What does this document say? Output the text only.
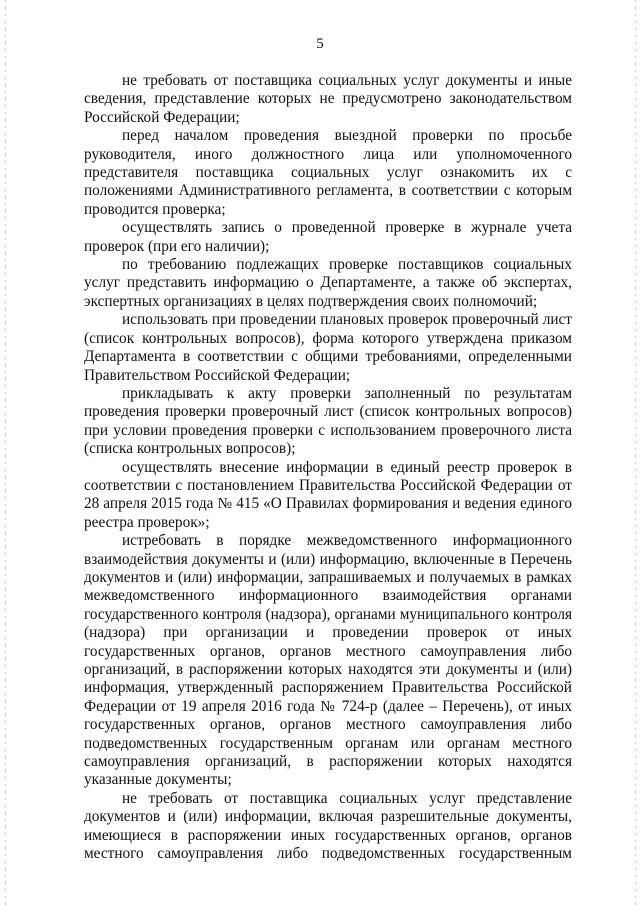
5

не требовать от поставщика социальных услуг документы и иные сведения, представление которых не предусмотрено законодательством Российской Федерации;

перед началом проведения выездной проверки по просьбе руководителя, иного должностного лица или уполномоченного представителя поставщика социальных услуг ознакомить их с положениями Административного регламента, в соответствии с которым проводится проверка;

осуществлять запись о проведенной проверке в журнале учета проверок (при его наличии);

по требованию подлежащих проверке поставщиков социальных услуг представить информацию о Департаменте, а также об экспертах, экспертных организациях в целях подтверждения своих полномочий;

использовать при проведении плановых проверок проверочный лист (список контрольных вопросов), форма которого утверждена приказом Департамента в соответствии с общими требованиями, определенными Правительством Российской Федерации;

прикладывать к акту проверки заполненный по результатам проведения проверки проверочный лист (список контрольных вопросов) при условии проведения проверки с использованием проверочного листа (списка контрольных вопросов);

осуществлять внесение информации в единый реестр проверок в соответствии с постановлением Правительства Российской Федерации от 28 апреля 2015 года № 415 «О Правилах формирования и ведения единого реестра проверок»;

истребовать в порядке межведомственного информационного взаимодействия документы и (или) информацию, включенные в Перечень документов и (или) информации, запрашиваемых и получаемых в рамках межведомственного информационного взаимодействия органами государственного контроля (надзора), органами муниципального контроля (надзора) при организации и проведении проверок от иных государственных органов, органов местного самоуправления либо организаций, в распоряжении которых находятся эти документы и (или) информация, утвержденный распоряжением Правительства Российской Федерации от 19 апреля 2016 года № 724-р (далее – Перечень), от иных государственных органов, органов местного самоуправления либо подведомственных государственным органам или органам местного самоуправления организаций, в распоряжении которых находятся указанные документы;

не требовать от поставщика социальных услуг представление документов и (или) информации, включая разрешительные документы, имеющиеся в распоряжении иных государственных органов, органов местного самоуправления либо подведомственных государственным
